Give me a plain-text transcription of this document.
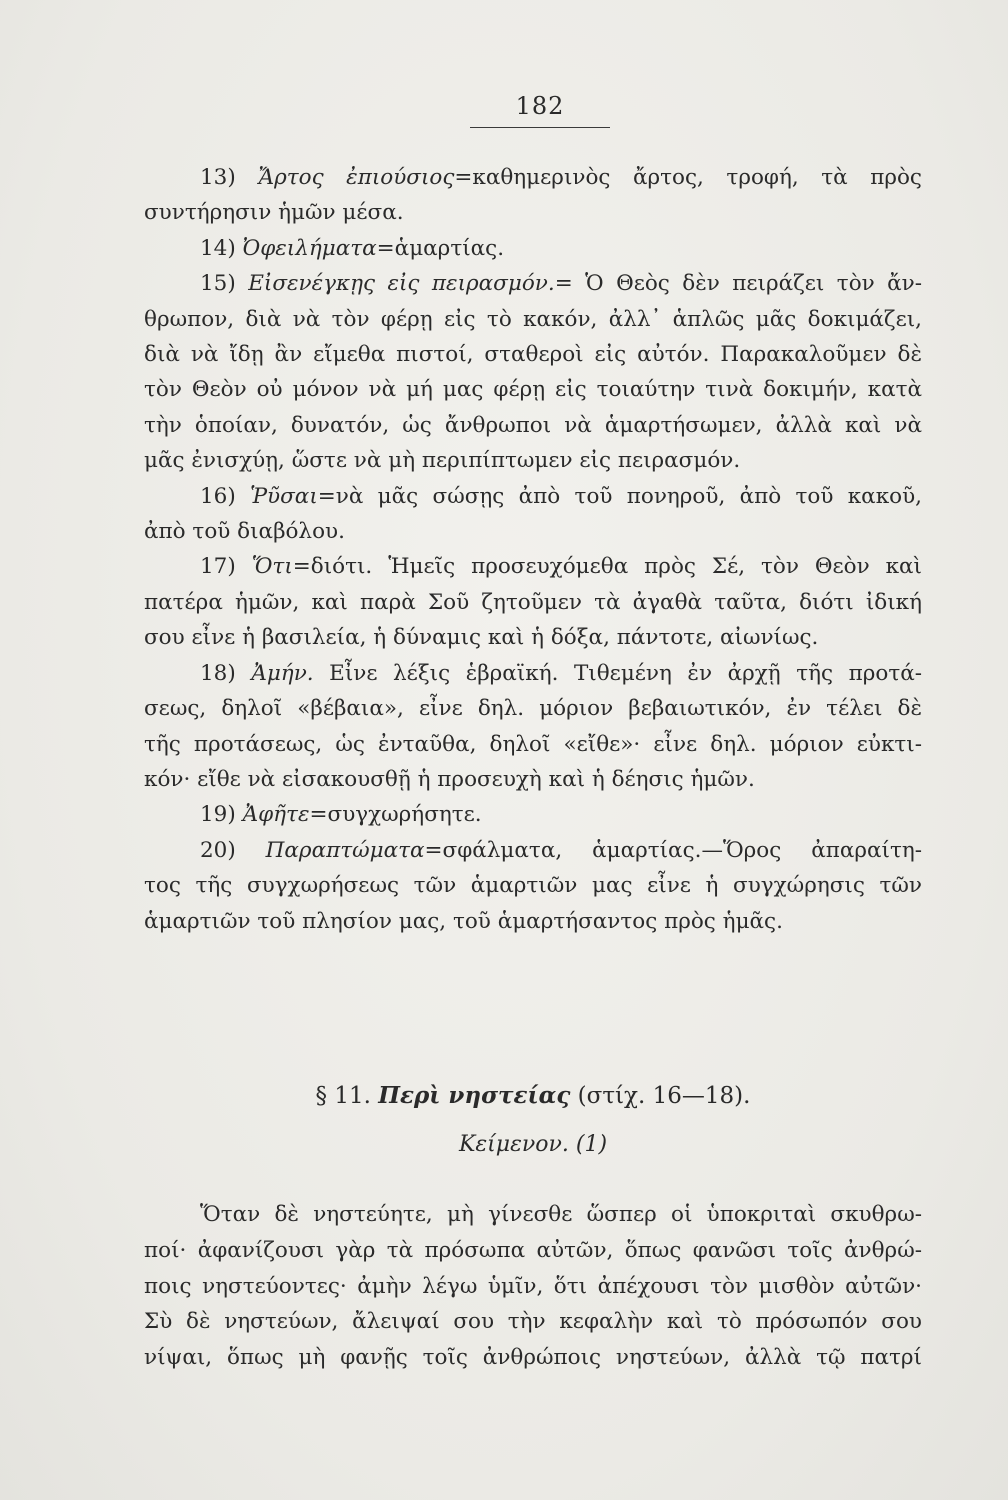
182
13) Ἄρτος ἐπιούσιος=καθημερινὸς ἄρτος, τροφή, τὰ πρὸς
συντήρησιν ἡμῶν μέσα.
14) Ὀφειλήματα=ἁμαρτίας.
15) Εἰσενέγκῃς εἰς πειρασμόν.= Ὁ Θεὸς δὲν πειράζει τὸν ἄν-
θρωπον, διὰ νὰ τὸν φέρῃ εἰς τὸ κακόν, ἀλλ᾽ ἁπλῶς μᾶς δοκιμάζει,
διὰ νὰ ἴδῃ ἂν εἴμεθα πιστοί, σταθεροὶ εἰς αὐτόν. Παρακαλοῦμεν δὲ
τὸν Θεὸν οὐ μόνον νὰ μή μας φέρῃ εἰς τοιαύτην τινὰ δοκιμήν, κατὰ
τὴν ὁποίαν, δυνατόν, ὡς ἄνθρωποι νὰ ἁμαρτήσωμεν, ἀλλὰ καὶ νὰ
μᾶς ἐνισχύῃ, ὥστε νὰ μὴ περιπίπτωμεν εἰς πειρασμόν.
16) Ῥῦσαι=νὰ μᾶς σώσῃς ἀπὸ τοῦ πονηροῦ, ἀπὸ τοῦ κακοῦ,
ἀπὸ τοῦ διαβόλου.
17) Ὅτι=διότι. Ἡμεῖς προσευχόμεθα πρὸς Σέ, τὸν Θεὸν καὶ
πατέρα ἡμῶν, καὶ παρὰ Σοῦ ζητοῦμεν τὰ ἀγαθὰ ταῦτα, διότι ἰδική
σου εἶνε ἡ βασιλεία, ἡ δύναμις καὶ ἡ δόξα, πάντοτε, αἰωνίως.
18) Ἀμήν. Εἶνε λέξις ἑβραϊκή. Τιθεμένη ἐν ἀρχῇ τῆς προτά-
σεως, δηλοῖ «βέβαια», εἶνε δηλ. μόριον βεβαιωτικόν, ἐν τέλει δὲ
τῆς προτάσεως, ὡς ἐνταῦθα, δηλοῖ «εἴθε»· εἶνε δηλ. μόριον εὐκτι-
κόν· εἴθε νὰ εἰσακουσθῇ ἡ προσευχὴ καὶ ἡ δέησις ἡμῶν.
19) Ἀφῆτε=συγχωρήσητε.
20) Παραπτώματα=σφάλματα, ἁμαρτίας.—Ὅρος ἀπαραίτη-
τος τῆς συγχωρήσεως τῶν ἁμαρτιῶν μας εἶνε ἡ συγχώρησις τῶν
ἁμαρτιῶν τοῦ πλησίον μας, τοῦ ἁμαρτήσαντος πρὸς ἡμᾶς.
§ 11. Περὶ νηστείας (στίχ. 16—18).
Κείμενον. (1)
Ὅταν δὲ νηστεύητε, μὴ γίνεσθε ὥσπερ οἱ ὑποκριταὶ σκυθρω-
ποί· ἀφανίζουσι γὰρ τὰ πρόσωπα αὐτῶν, ὅπως φανῶσι τοῖς ἀνθρώ-
ποις νηστεύοντες· ἀμὴν λέγω ὑμῖν, ὅτι ἀπέχουσι τὸν μισθὸν αὐτῶν·
Σὺ δὲ νηστεύων, ἄλειψαί σου τὴν κεφαλὴν καὶ τὸ πρόσωπόν σου
νίψαι, ὅπως μὴ φανῇς τοῖς ἀνθρώποις νηστεύων, ἀλλὰ τῷ πατρί
